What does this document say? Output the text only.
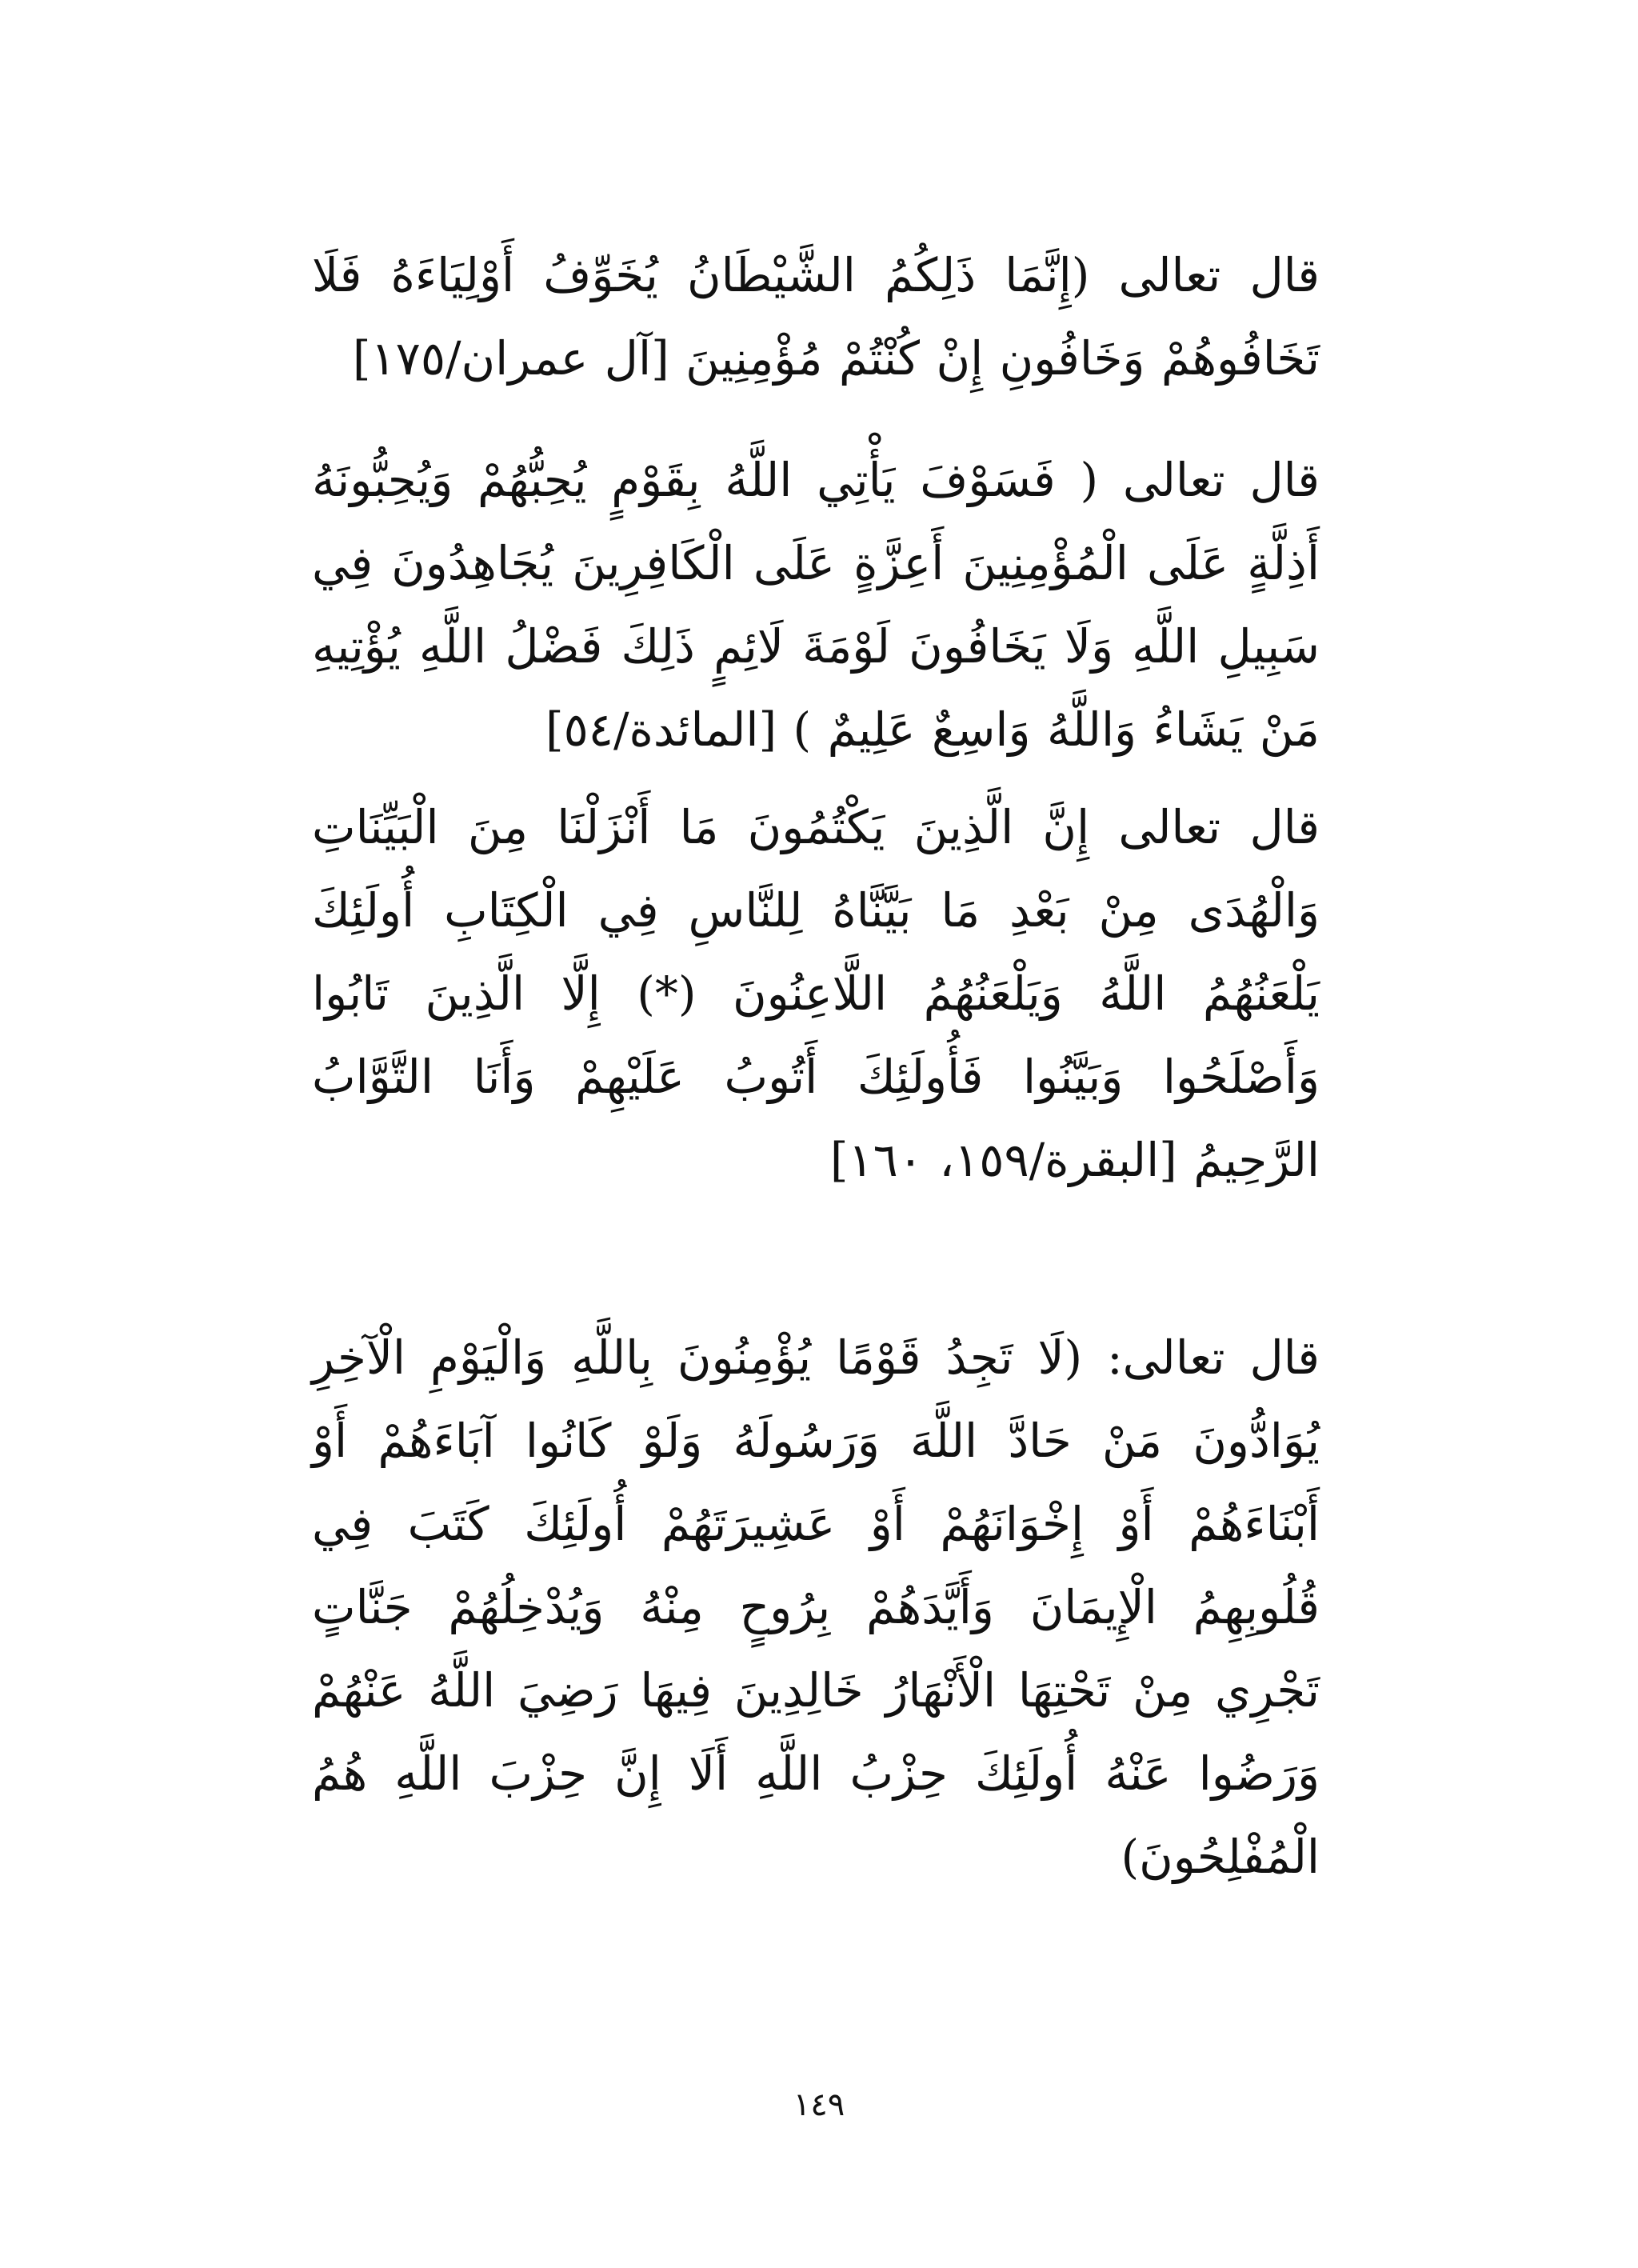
قال تعالى (إِنَّمَا ذَلِكُمُ الشَّيْطَانُ يُخَوِّفُ أَوْلِيَاءَهُ فَلَا تَخَافُوهُمْ وَخَافُونِ إِنْ كُنْتُمْ مُؤْمِنِينَ [آل عمران/١٧٥]

قال تعالى ( فَسَوْفَ يَأْتِي اللَّهُ بِقَوْمٍ يُحِبُّهُمْ وَيُحِبُّونَهُ أَذِلَّةٍ عَلَى الْمُؤْمِنِينَ أَعِزَّةٍ عَلَى الْكَافِرِينَ يُجَاهِدُونَ فِي سَبِيلِ اللَّهِ وَلَا يَخَافُونَ لَوْمَةَ لَائِمٍ ذَلِكَ فَضْلُ اللَّهِ يُؤْتِيهِ مَنْ يَشَاءُ وَاللَّهُ وَاسِعٌ عَلِيمٌ ) [المائدة/٥٤]

قال تعالى إِنَّ الَّذِينَ يَكْتُمُونَ مَا أَنْزَلْنَا مِنَ الْبَيِّنَاتِ وَالْهُدَى مِنْ بَعْدِ مَا بَيَّنَّاهُ لِلنَّاسِ فِي الْكِتَابِ أُولَئِكَ يَلْعَنُهُمُ اللَّهُ وَيَلْعَنُهُمُ اللَّاعِنُونَ (*) إِلَّا الَّذِينَ تَابُوا وَأَصْلَحُوا وَبَيَّنُوا فَأُولَئِكَ أَتُوبُ عَلَيْهِمْ وَأَنَا التَّوَّابُ الرَّحِيمُ [البقرة/١٥٩، ١٦٠]

قال تعالى: (لَا تَجِدُ قَوْمًا يُؤْمِنُونَ بِاللَّهِ وَالْيَوْمِ الْآخِرِ يُوَادُّونَ مَنْ حَادَّ اللَّهَ وَرَسُولَهُ وَلَوْ كَانُوا آبَاءَهُمْ أَوْ أَبْنَاءَهُمْ أَوْ إِخْوَانَهُمْ أَوْ عَشِيرَتَهُمْ أُولَئِكَ كَتَبَ فِي قُلُوبِهِمُ الْإِيمَانَ وَأَيَّدَهُمْ بِرُوحٍ مِنْهُ وَيُدْخِلُهُمْ جَنَّاتٍ تَجْرِي مِنْ تَحْتِهَا الْأَنْهَارُ خَالِدِينَ فِيهَا رَضِيَ اللَّهُ عَنْهُمْ وَرَضُوا عَنْهُ أُولَئِكَ حِزْبُ اللَّهِ أَلَا إِنَّ حِزْبَ اللَّهِ هُمُ الْمُفْلِحُونَ)

١٤٩
